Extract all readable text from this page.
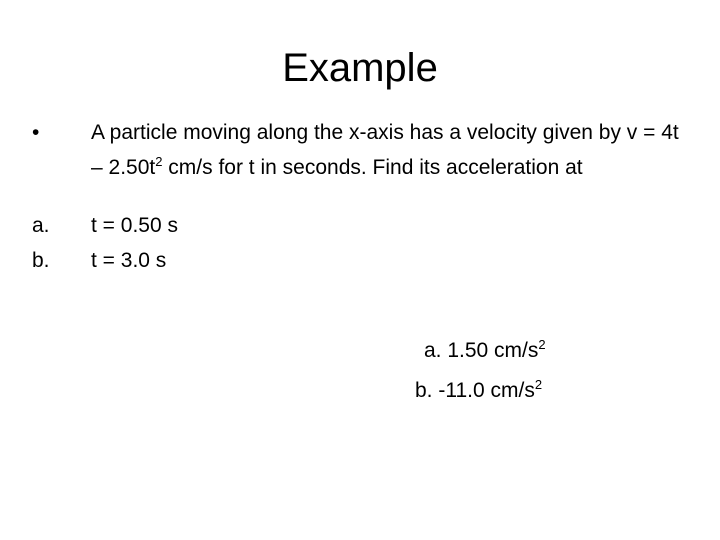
Example
• A particle moving along the x-axis has a velocity given by $v = 4t - 2.50t^2$ cm/s for t in seconds. Find its acceleration at
a. t = 0.50 s
b. t = 3.0 s
a. 1.50 $cm/s^2$
b. -11.0 $cm/s^2$
